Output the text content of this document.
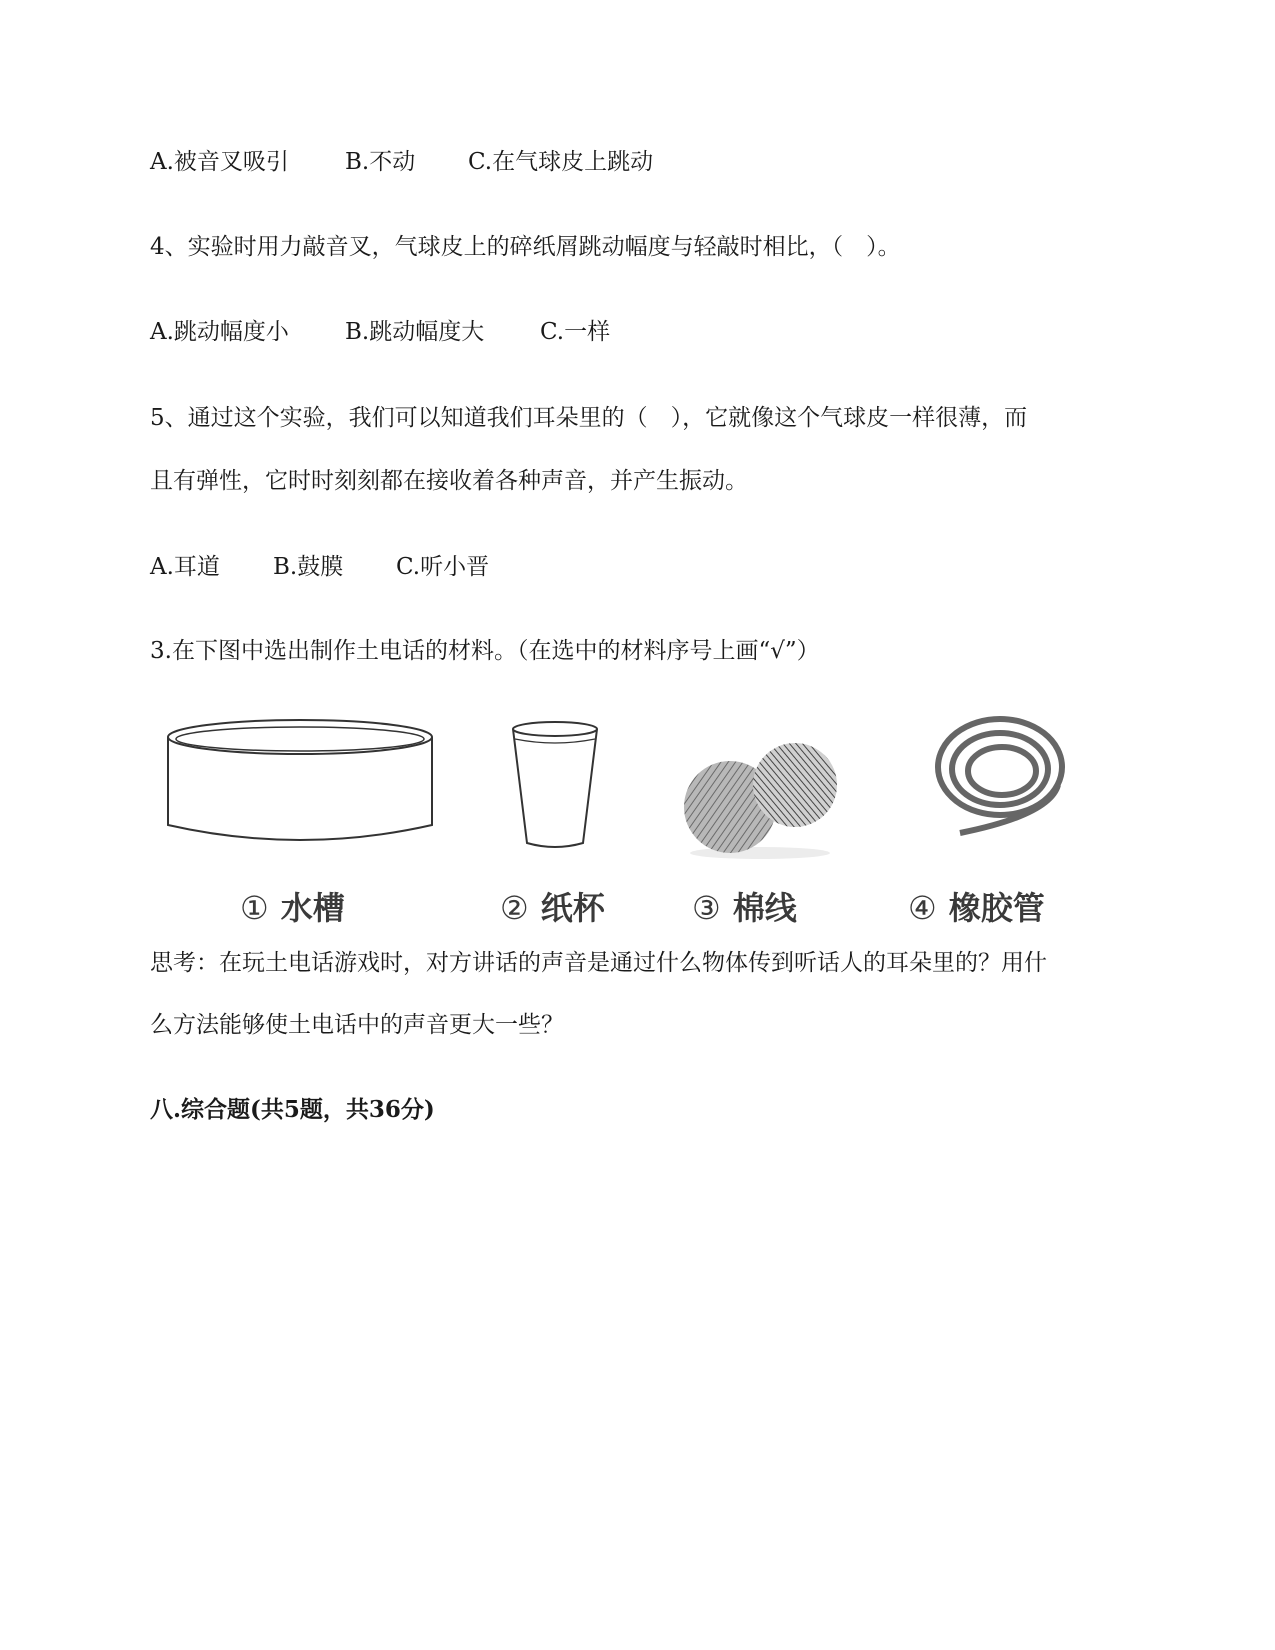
A.被音叉吸引 B.不动 C.在气球皮上跳动
4、实验时用力敲音叉，气球皮上的碎纸屑跳动幅度与轻敲时相比，（　）。
A.跳动幅度小 B.跳动幅度大 C.一样
5、通过这个实验，我们可以知道我们耳朵里的（　），它就像这个气球皮一样很薄，而
且有弹性，它时时刻刻都在接收着各种声音，并产生振动。
A.耳道 B.鼓膜 C.听小晋
3.在下图中选出制作土电话的材料。（在选中的材料序号上画“√”）
① 水槽	② 纸杯	③ 棉线	④ 橡胶管
思考：在玩土电话游戏时，对方讲话的声音是通过什么物体传到听话人的耳朵里的？用什
么方法能够使土电话中的声音更大一些？
八.综合题(共5题，共36分)
